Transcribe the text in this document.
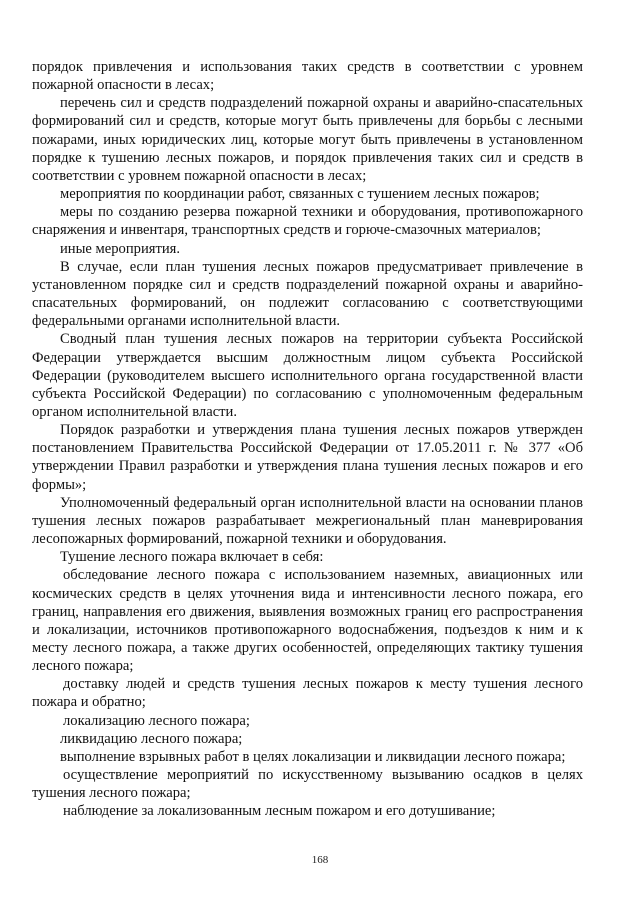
порядок привлечения и использования таких средств в соответствии с уровнем пожарной опасности в лесах;

перечень сил и средств подразделений пожарной охраны и аварийно-спасательных формирований сил и средств, которые могут быть привлечены для борьбы с лесными пожарами, иных юридических лиц, которые могут быть привлечены в установленном порядке к тушению лесных пожаров, и порядок привлечения таких сил и средств в соответствии с уровнем пожарной опасности в лесах;

мероприятия по координации работ, связанных с тушением лесных пожаров;

меры по созданию резерва пожарной техники и оборудования, противопожарного снаряжения и инвентаря, транспортных средств и горюче-смазочных материалов;

иные мероприятия.

В случае, если план тушения лесных пожаров предусматривает привлечение в установленном порядке сил и средств подразделений пожарной охраны и аварийно-спасательных формирований, он подлежит согласованию с соответствующими федеральными органами исполнительной власти.

Сводный план тушения лесных пожаров на территории субъекта Российской Федерации утверждается высшим должностным лицом субъекта Российской Федерации (руководителем высшего исполнительного органа государственной власти субъекта Российской Федерации) по согласованию с уполномоченным федеральным органом исполнительной власти.

Порядок разработки и утверждения плана тушения лесных пожаров утвержден постановлением Правительства Российской Федерации от 17.05.2011 г. № 377 «Об утверждении Правил разработки и утверждения плана тушения лесных пожаров и его формы»;

Уполномоченный федеральный орган исполнительной власти на основании планов тушения лесных пожаров разрабатывает межрегиональный план маневрирования лесопожарных формирований, пожарной техники и оборудования.

Тушение лесного пожара включает в себя:

обследование лесного пожара с использованием наземных, авиационных или космических средств в целях уточнения вида и интенсивности лесного пожара, его границ, направления его движения, выявления возможных границ его распространения и локализации, источников противопожарного водоснабжения, подъездов к ним и к месту лесного пожара, а также других особенностей, определяющих тактику тушения лесного пожара;

доставку людей и средств тушения лесных пожаров к месту тушения лесного пожара и обратно;

локализацию лесного пожара;

ликвидацию лесного пожара;

выполнение взрывных работ в целях локализации и ликвидации лесного пожара;

осуществление мероприятий по искусственному вызыванию осадков в целях тушения лесного пожара;

наблюдение за локализованным лесным пожаром и его дотушивание;

168
